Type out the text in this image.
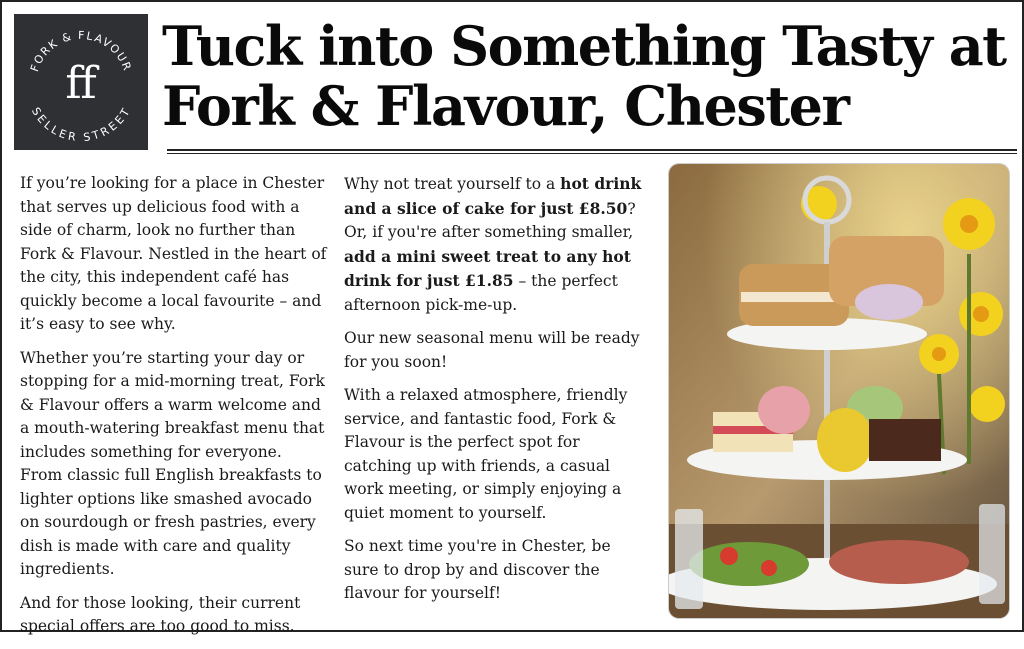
FORK & FLAVOUR
SELLER STREET
ff
Tuck into Something Tasty at Fork & Flavour, Chester

If you’re looking for a place in Chester that serves up delicious food with a side of charm, look no further than Fork & Flavour. Nestled in the heart of the city, this independent café has quickly become a local favourite – and it’s easy to see why.

Whether you’re starting your day or stopping for a mid-morning treat, Fork & Flavour offers a warm welcome and a mouth-watering breakfast menu that includes something for everyone. From classic full English breakfasts to lighter options like smashed avocado on sourdough or fresh pastries, every dish is made with care and quality ingredients.

And for those looking, their current special offers are too good to miss.

Why not treat yourself to a hot drink and a slice of cake for just £8.50? Or, if you're after something smaller, add a mini sweet treat to any hot drink for just £1.85 – the perfect afternoon pick-me-up.

Our new seasonal menu will be ready for you soon!

With a relaxed atmosphere, friendly service, and fantastic food, Fork & Flavour is the perfect spot for catching up with friends, a casual work meeting, or simply enjoying a quiet moment to yourself.

So next time you're in Chester, be sure to drop by and discover the flavour for yourself!
